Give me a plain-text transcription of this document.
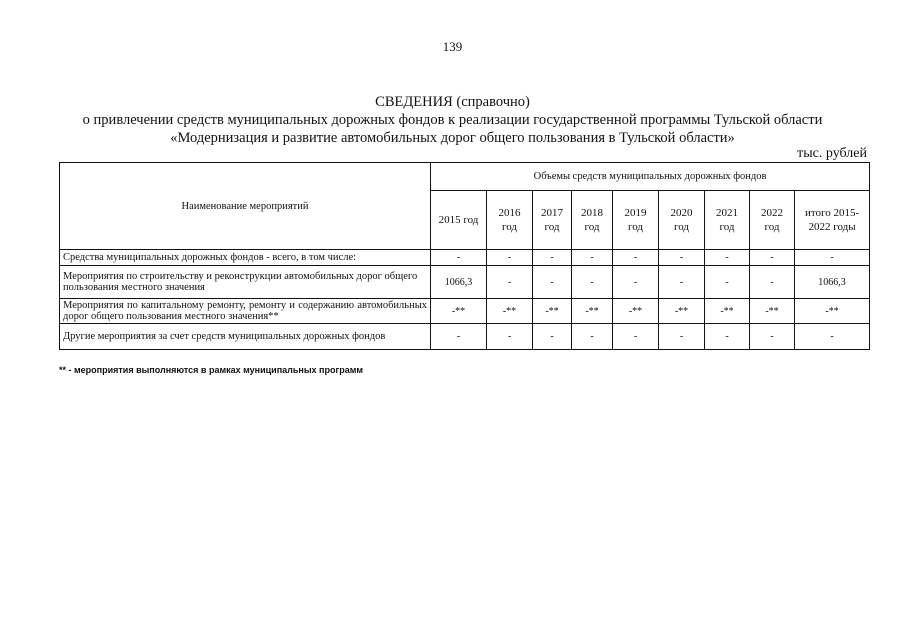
139
СВЕДЕНИЯ (справочно)
о привлечении средств муниципальных дорожных фондов к реализации государственной программы Тульской области
«Модернизация и развитие автомобильных дорог общего пользования в Тульской области»
тыс. рублей
Наименование мероприятий	Объемы средств муниципальных дорожных фондов								
	2015 год	2016 год	2017 год	2018 год	2019 год	2020 год	2021 год	2022 год	итого 2015-2022 годы
Средства муниципальных дорожных фондов - всего, в том числе:	-	-	-	-	-	-	-	-	-
Мероприятия по строительству и реконструкции автомобильных дорог общего пользования местного значения	1066,3	-	-	-	-	-	-	-	1066,3
Мероприятия по капитальному ремонту, ремонту и содержанию автомобильных дорог общего пользования местного значения**	-**	-**	-**	-**	-**	-**	-**	-**	-**
Другие мероприятия за счет средств муниципальных дорожных фондов	-	-	-	-	-	-	-	-	-
** - мероприятия выполняются в рамках муниципальных программ
